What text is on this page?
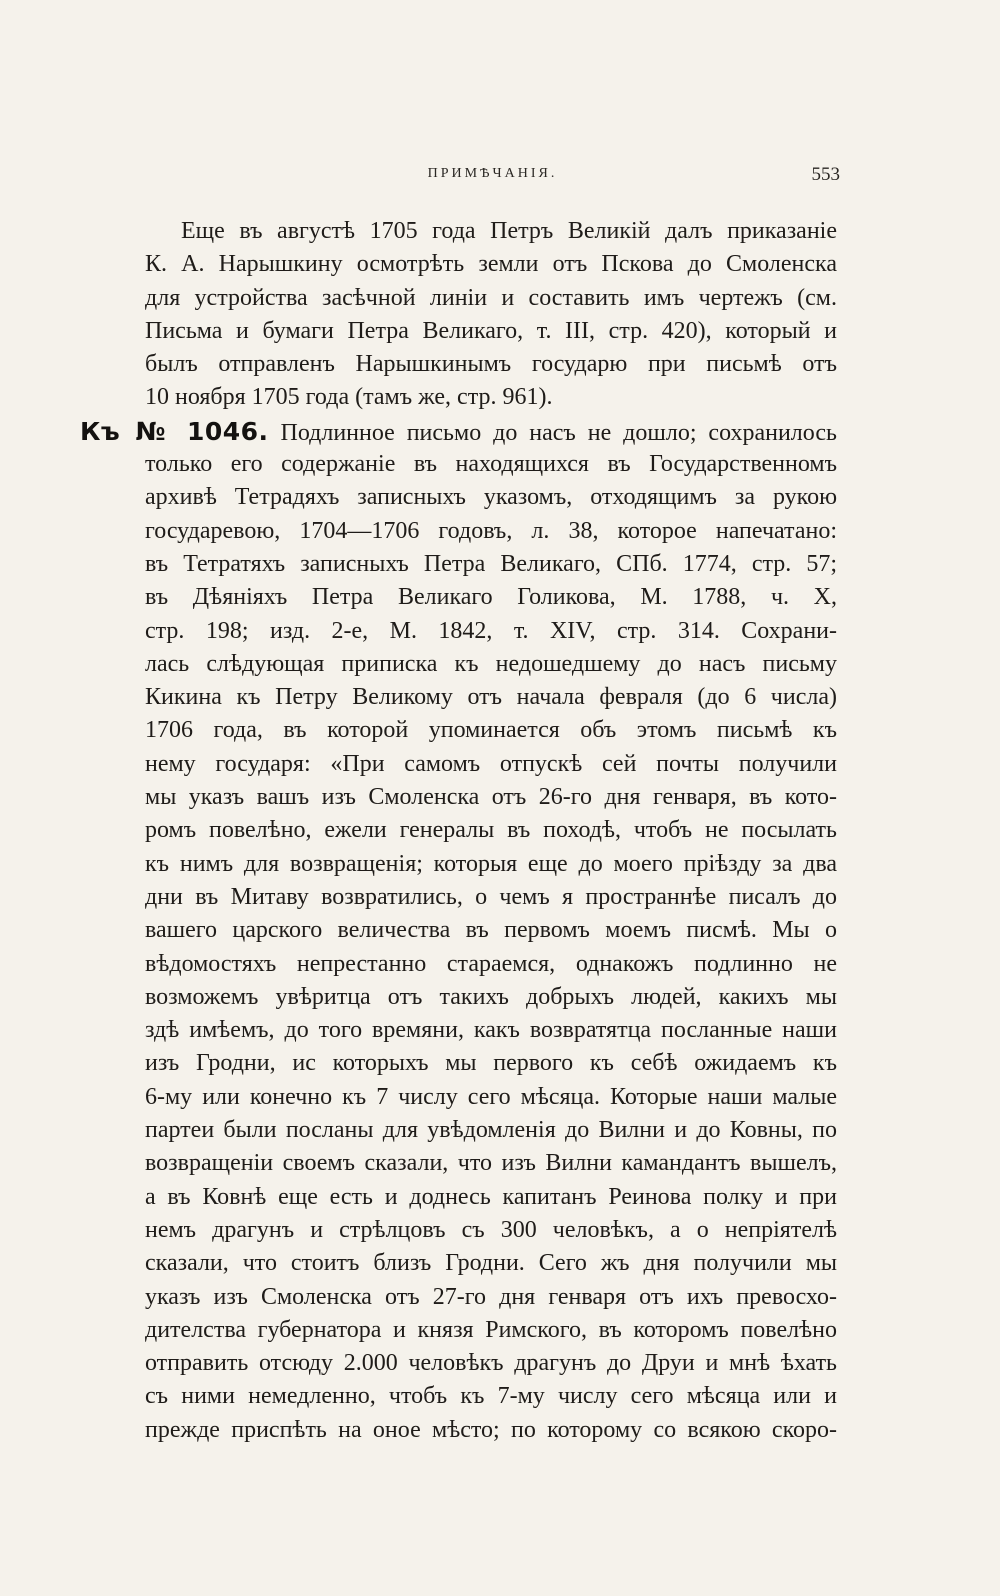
ПРИМѢЧАНІЯ.	553
Еще въ августѣ 1705 года Петръ Великій далъ приказаніе
К. А. Нарышкину осмотрѣть земли отъ Пскова до Смоленска
для устройства засѣчной линіи и составить имъ чертежъ (см.
Письма и бумаги Петра Великаго, т. III, стр. 420), который и
былъ отправленъ Нарышкинымъ государю при письмѣ отъ
10 ноября 1705 года (тамъ же, стр. 961).
Къ № 1046. Подлинное письмо до насъ не дошло; сохранилось
только его содержаніе въ находящихся въ Государственномъ
архивѣ Тетрадяхъ записныхъ указомъ, отходящимъ за рукою
государевою, 1704—1706 годовъ, л. 38, которое напечатано:
въ Тетратяхъ записныхъ Петра Великаго, СПб. 1774, стр. 57;
въ Дѣяніяхъ Петра Великаго Голикова, М. 1788, ч. X,
стр. 198; изд. 2-е, М. 1842, т. XIV, стр. 314. Сохрани-
лась слѣдующая приписка къ недошедшему до насъ письму
Кикина къ Петру Великому отъ начала февраля (до 6 числа)
1706 года, въ которой упоминается объ этомъ письмѣ къ
нему государя: «При самомъ отпускѣ сей почты получили
мы указъ вашъ изъ Смоленска отъ 26-го дня генваря, въ кото-
ромъ повелѣно, ежели генералы въ походѣ, чтобъ не посылать
къ нимъ для возвращенія; которыя еще до моего пріѣзду за два
дни въ Митаву возвратились, о чемъ я пространнѣе писалъ до
вашего царского величества въ первомъ моемъ писмѣ. Мы о
вѣдомостяхъ непрестанно стараемся, однакожъ подлинно не
возможемъ увѣритца отъ такихъ добрыхъ людей, какихъ мы
здѣ имѣемъ, до того времяни, какъ возвратятца посланные наши
изъ Гродни, ис которыхъ мы первого къ себѣ ожидаемъ къ
6-му или конечно къ 7 числу сего мѣсяца. Которые наши малые
партеи были посланы для увѣдомленія до Вилни и до Ковны, по
возвращеніи своемъ сказали, что изъ Вилни камандантъ вышелъ,
а въ Ковнѣ еще есть и доднесь капитанъ Реинова полку и при
немъ драгунъ и стрѣлцовъ съ 300 человѣкъ, а о непріятелѣ
сказали, что стоитъ близъ Гродни. Сего жъ дня получили мы
указъ изъ Смоленска отъ 27-го дня генваря отъ ихъ превосхо-
дителства губернатора и князя Римского, въ которомъ повелѣно
отправить отсюду 2.000 человѣкъ драгунъ до Друи и мнѣ ѣхать
съ ними немедленно, чтобъ къ 7-му числу сего мѣсяца или и
прежде приспѣть на оное мѣсто; по которому со всякою скоро-
